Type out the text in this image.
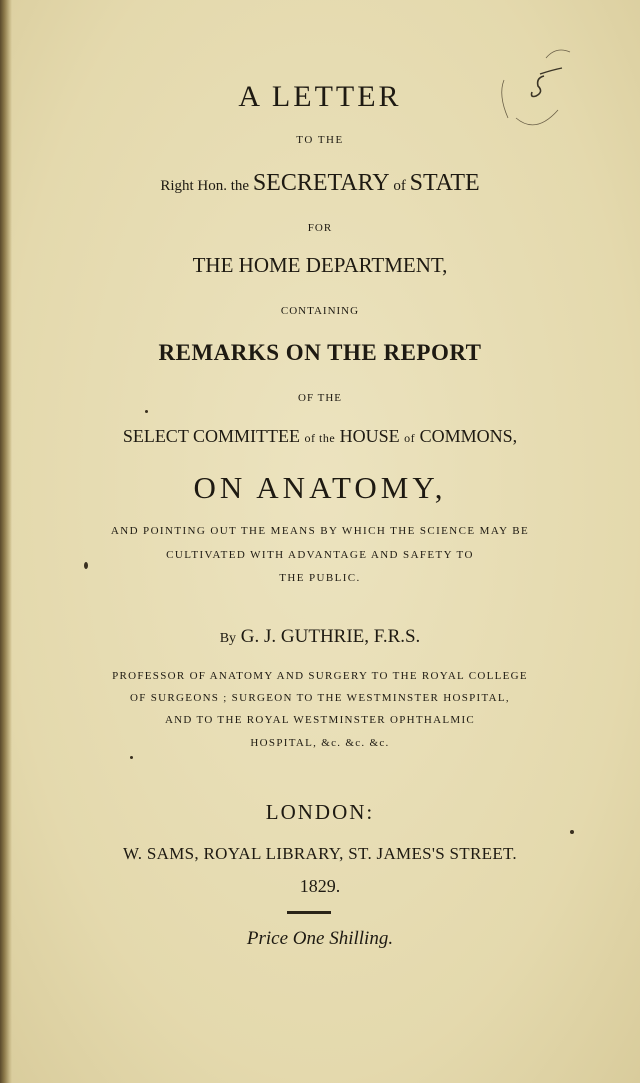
A LETTER
TO THE
Right Hon. the SECRETARY of STATE
FOR
THE HOME DEPARTMENT,
CONTAINING
REMARKS ON THE REPORT
OF THE
SELECT COMMITTEE of the HOUSE of COMMONS,
ON ANATOMY,
AND POINTING OUT THE MEANS BY WHICH THE SCIENCE MAY BE
CULTIVATED WITH ADVANTAGE AND SAFETY TO
THE PUBLIC.
By G. J. GUTHRIE, F.R.S.
PROFESSOR OF ANATOMY AND SURGERY TO THE ROYAL COLLEGE
OF SURGEONS ; SURGEON TO THE WESTMINSTER HOSPITAL,
AND TO THE ROYAL WESTMINSTER OPHTHALMIC
HOSPITAL, &c. &c. &c.
LONDON:
W. SAMS, ROYAL LIBRARY, ST. JAMES'S STREET.
1829.
Price One Shilling.
